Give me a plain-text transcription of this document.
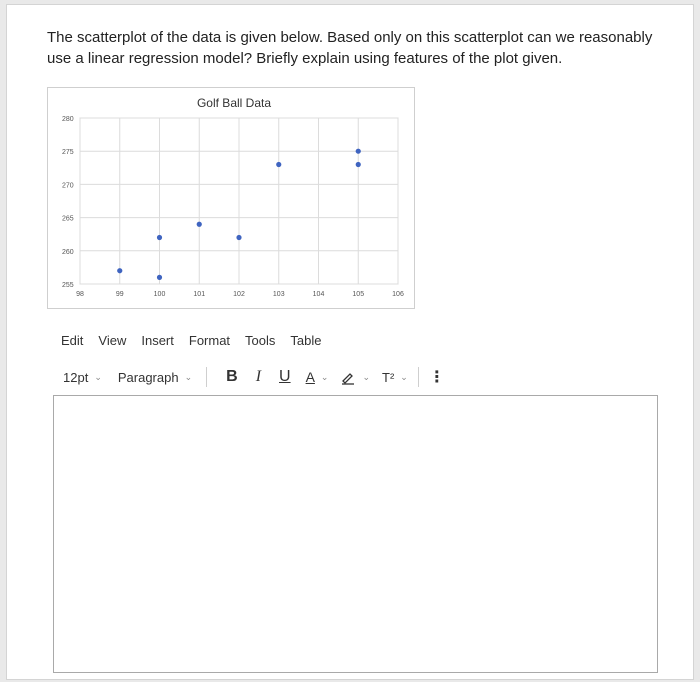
The scatterplot of the data is given below. Based only on this scatterplot can we reasonably use a linear regression model? Briefly explain using features of the plot given.
98	99	100	101	102	103	104	105	106
255
260
265
270
275
280
Golf Ball Data
Edit View Insert Format Tools Table
12pt ⌄ Paragraph ⌄ B I U A ⌄	⌄ T² ⌄ ⋮
